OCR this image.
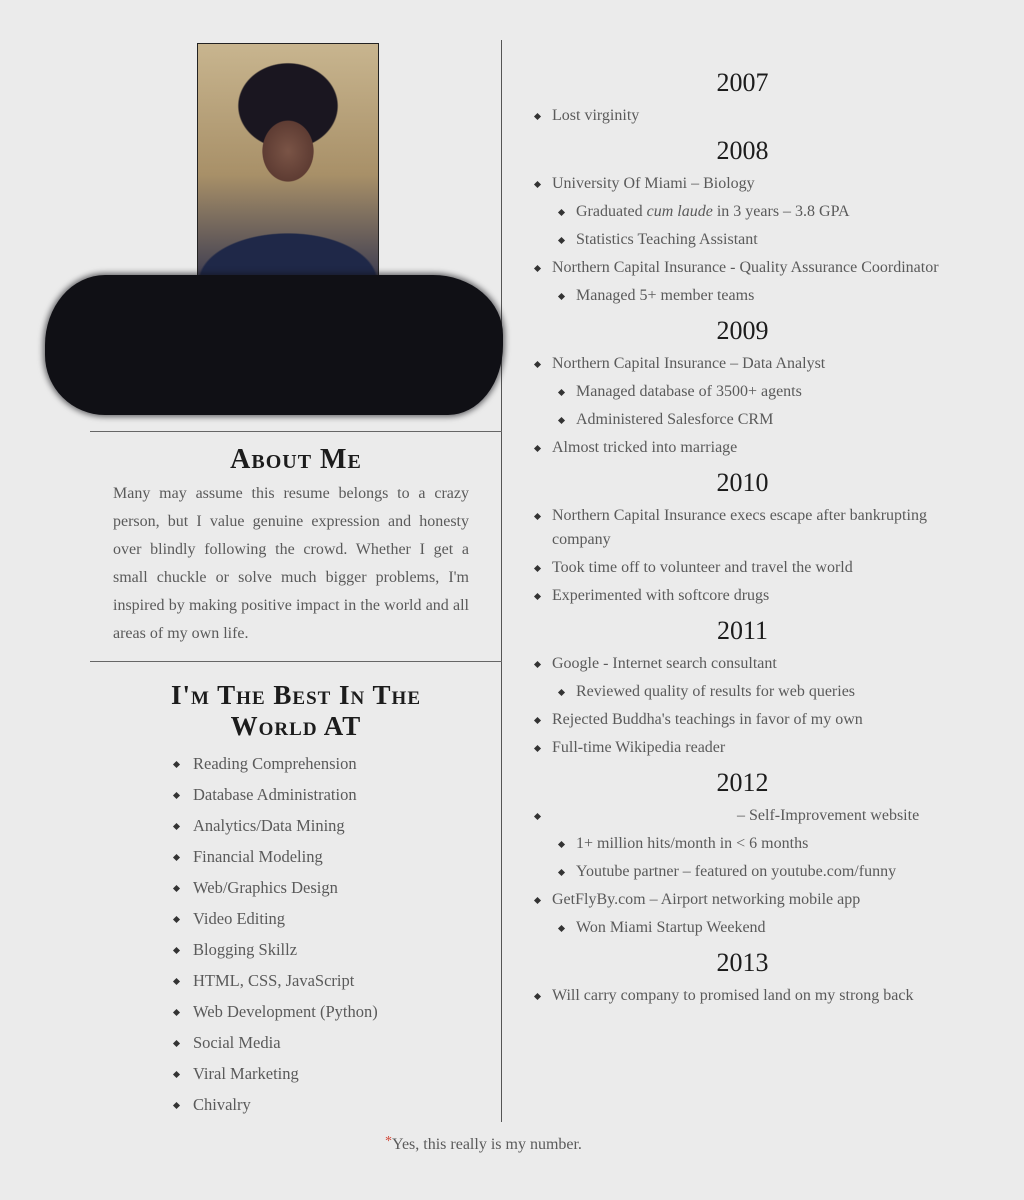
About Me

Many may assume this resume belongs to a crazy person, but I value genuine expression and honesty over blindly following the crowd. Whether I get a small chuckle or solve much bigger problems, I'm inspired by making positive impact in the world and all areas of my own life.

I'm The Best In The World AT
Reading Comprehension
Database Administration
Analytics/Data Mining
Financial Modeling
Web/Graphics Design
Video Editing
Blogging Skillz
HTML, CSS, JavaScript
Web Development (Python)
Social Media
Viral Marketing
Chivalry
2007
Lost virginity
2008
University Of Miami – Biology
Graduated cum laude in 3 years – 3.8 GPA
Statistics Teaching Assistant
Northern Capital Insurance - Quality Assurance Coordinator
Managed 5+ member teams
2009
Northern Capital Insurance – Data Analyst
Managed database of 3500+ agents
Administered Salesforce CRM
Almost tricked into marriage
2010
Northern Capital Insurance execs escape after bankrupting company
Took time off to volunteer and travel the world
Experimented with softcore drugs
2011
Google - Internet search consultant
Reviewed quality of results for web queries
Rejected Buddha's teachings in favor of my own
Full-time Wikipedia reader
2012
– Self-Improvement website
1+ million hits/month in < 6 months
Youtube partner – featured on youtube.com/funny
GetFlyBy.com – Airport networking mobile app
Won Miami Startup Weekend
2013
Will carry company to promised land on my strong back
*Yes, this really is my number.
